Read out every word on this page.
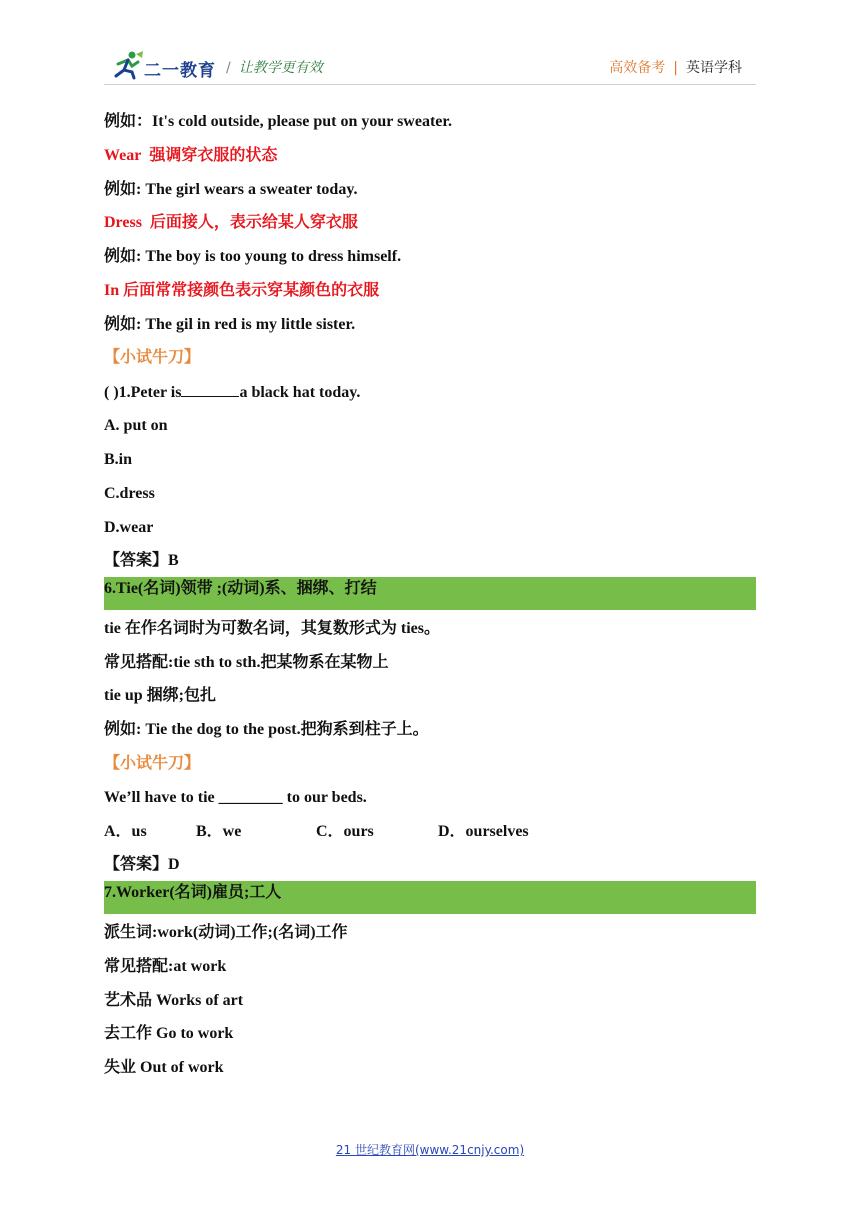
二一教育 / 让教学更有效	高效备考 | 英语学科
例如：It's cold outside, please put on your sweater.
Wear 强调穿衣服的状态
例如: The girl wears a sweater today.
Dress 后面接人，表示给某人穿衣服
例如: The boy is too young to dress himself.
In 后面常常接颜色表示穿某颜色的衣服
例如: The gil in red is my little sister.
【小试牛刀】
( )1.Peter is	a black hat today.
A. put on
B.in
C.dress
D.wear
【答案】B
6.Tie(名词)领带 ;(动词)系、捆绑、打结
tie 在作名词时为可数名词，其复数形式为 ties。
常见搭配:tie sth to sth.把某物系在某物上
tie up 捆绑;包扎
例如: Tie the dog to the post.把狗系到柱子上。
【小试牛刀】
We’ll have to tie ________ to our beds.
A．us	B．we	C．ours	D．ourselves
【答案】D
7.Worker(名词)雇员;工人
派生词:work(动词)工作;(名词)工作
常见搭配:at work
艺术品 Works of art
去工作 Go to work
失业 Out of work
21 世纪教育网(www.21cnjy.com)
